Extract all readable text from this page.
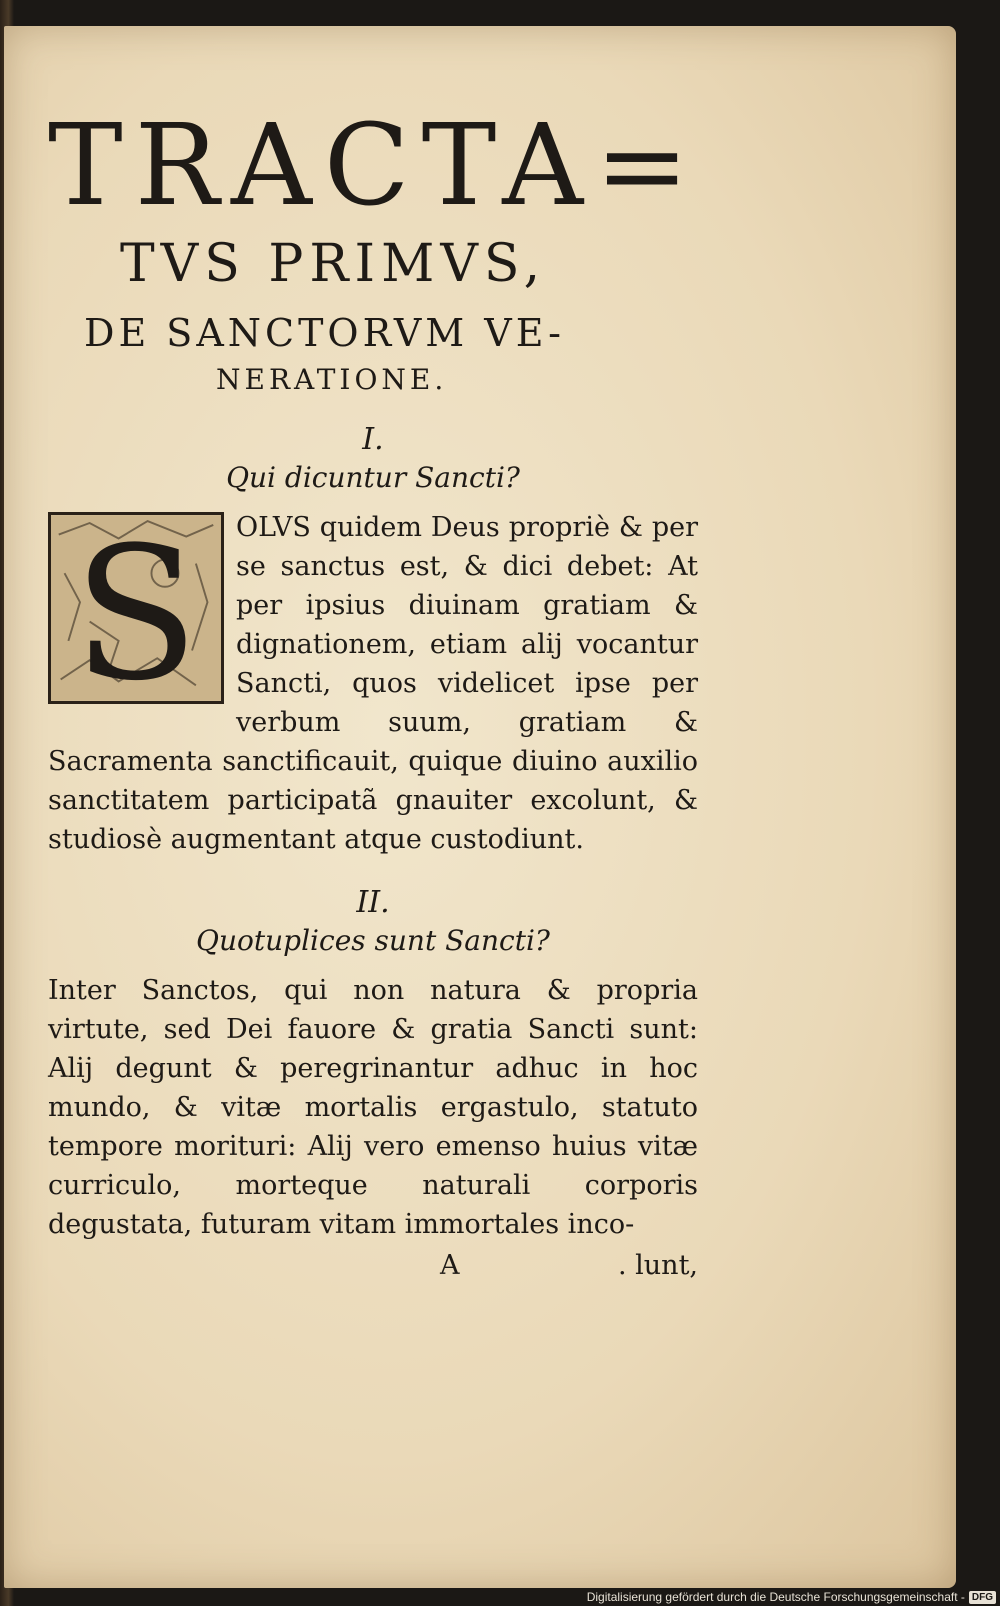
TRACTA=
TVS PRIMVS,
DE SANCTORVM VE-
NERATIONE.
I.
Qui dicuntur Sancti?
S	OLVS quidem Deus propriè & per se sanctus est, & dici debet: At per ipsius diuinam gratiam & dignationem, etiam alij vocantur Sancti, quos videlicet ipse per verbum suum, gratiam & Sacramenta sanctificauit, quique diuino auxilio sanctitatem participatã gnauiter excolunt, & studiosè augmentant atque custodiunt.

II.
Quotuplices sunt Sancti?

Inter Sanctos, qui non natura & propria virtute, sed Dei fauore & gratia Sancti sunt: Alij degunt & peregrinantur adhuc in hoc mundo, & vitæ mortalis ergastulo, statuto tempore morituri: Alij vero emenso huius vitæ curriculo, morteque naturali corporis degustata, futuram vitam immortales inco-

A	. lunt,
Digitalisierung gefördert durch die Deutsche Forschungsgemeinschaft - DFG
